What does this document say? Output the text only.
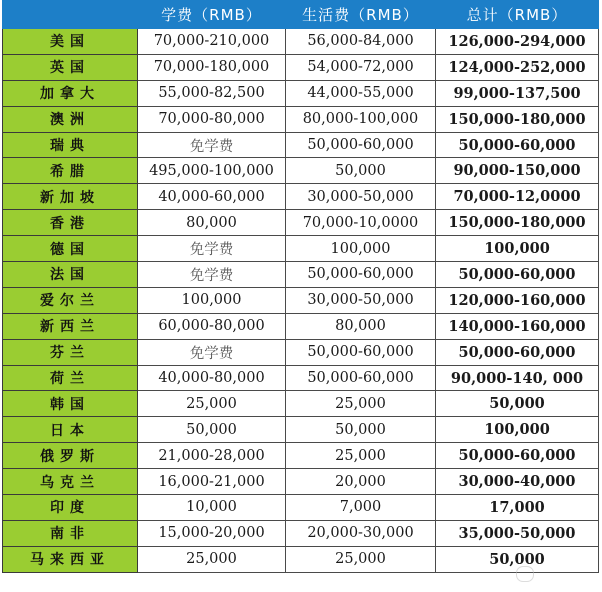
	学费（RMB）	生活费（RMB）	总计（RMB）
美国	70,000-210,000	56,000-84,000	126,000-294,000
英国	70,000-180,000	54,000-72,000	124,000-252,000
加拿大	55,000-82,500	44,000-55,000	99,000-137,500
澳洲	70,000-80,000	80,000-100,000	150,000-180,000
瑞典	免学费	50,000-60,000	50,000-60,000
希腊	495,000-100,000	50,000	90,000-150,000
新加坡	40,000-60,000	30,000-50,000	70,000-12,0000
香港	80,000	70,000-10,0000	150,000-180,000
德国	免学费	100,000	100,000
法国	免学费	50,000-60,000	50,000-60,000
爱尔兰	100,000	30,000-50,000	120,000-160,000
新西兰	60,000-80,000	80,000	140,000-160,000
芬兰	免学费	50,000-60,000	50,000-60,000
荷兰	40,000-80,000	50,000-60,000	90,000-140, 000
韩国	25,000	25,000	50,000
日本	50,000	50,000	100,000
俄罗斯	21,000-28,000	25,000	50,000-60,000
乌克兰	16,000-21,000	20,000	30,000-40,000
印度	10,000	7,000	17,000
南非	15,000-20,000	20,000-30,000	35,000-50,000
马来西亚	25,000	25,000	50,000
